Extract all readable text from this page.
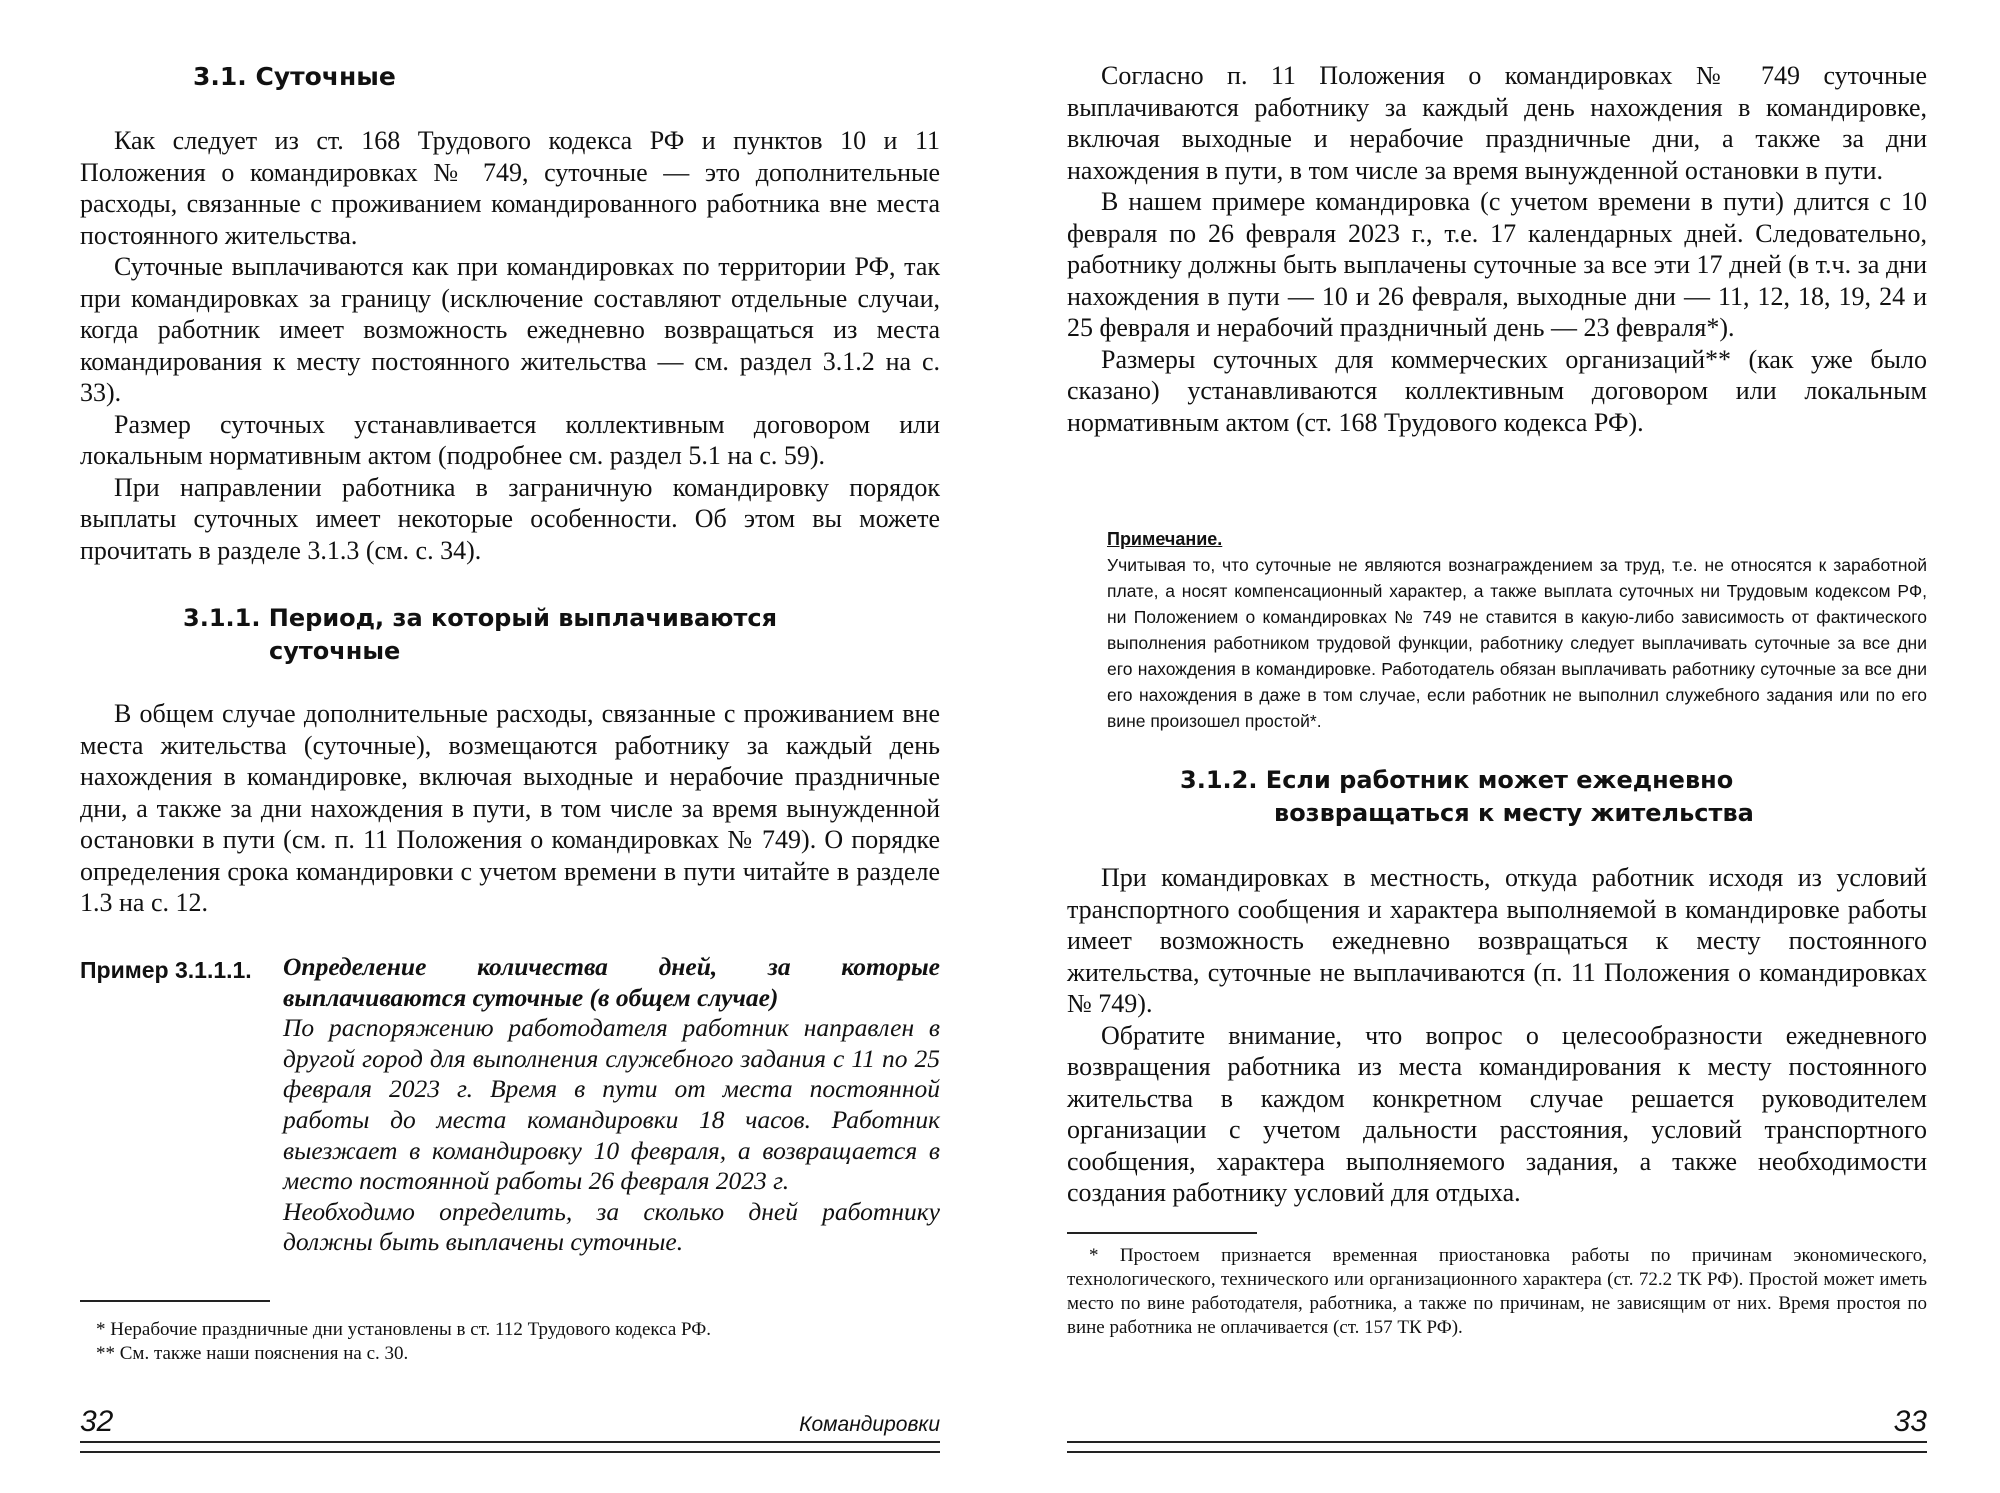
3.1. Суточные

Как следует из ст. 168 Трудового кодекса РФ и пунктов 10 и 11 Положения о командировках № 749, суточные — это дополнительные расходы, связанные с проживанием командированного работника вне места постоянного жительства.

Суточные выплачиваются как при командировках по территории РФ, так при командировках за границу (исключение составляют отдельные случаи, когда работник имеет возможность ежедневно возвращаться из места командирования к месту постоянного жительства — см. раздел 3.1.2 на с. 33).

Размер суточных устанавливается коллективным договором или локальным нормативным актом (подробнее см. раздел 5.1 на с. 59).

При направлении работника в заграничную командировку порядок выплаты суточных имеет некоторые особенности. Об этом вы можете прочитать в разделе 3.1.3 (см. с. 34).

3.1.1. Период, за который выплачиваются
суточные

В общем случае дополнительные расходы, связанные с проживанием вне места жительства (суточные), возмещаются работнику за каждый день нахождения в командировке, включая выходные и нерабочие праздничные дни, а также за дни нахождения в пути, в том числе за время вынужденной остановки в пути (см. п. 11 Положения о командировках № 749). О порядке определения срока командировки с учетом времени в пути читайте в разделе 1.3 на с. 12.

Пример 3.1.1.1. Определение количества дней, за которые выплачиваются суточные (в общем случае)

По распоряжению работодателя работник направлен в другой город для выполнения служебного задания с 11 по 25 февраля 2023 г. Время в пути от места постоянной работы до места командировки 18 часов. Работник выезжает в командировку 10 февраля, а возвращается в место постоянной работы 26 февраля 2023 г.

Необходимо определить, за сколько дней работнику должны быть выплачены суточные.

* Нерабочие праздничные дни установлены в ст. 112 Трудового кодекса РФ.

** См. также наши пояснения на с. 30.

32	Командировки

Согласно п. 11 Положения о командировках № 749 суточные выплачиваются работнику за каждый день нахождения в командировке, включая выходные и нерабочие праздничные дни, а также за дни нахождения в пути, в том числе за время вынужденной остановки в пути.

В нашем примере командировка (с учетом времени в пути) длится с 10 февраля по 26 февраля 2023 г., т.е. 17 календарных дней. Следовательно, работнику должны быть выплачены суточные за все эти 17 дней (в т.ч. за дни нахождения в пути — 10 и 26 февраля, выходные дни — 11, 12, 18, 19, 24 и 25 февраля и нерабочий праздничный день — 23 февраля*).

Размеры суточных для коммерческих организаций** (как уже было сказано) устанавливаются коллективным договором или локальным нормативным актом (ст. 168 Трудового кодекса РФ).

Примечание.

Учитывая то, что суточные не являются вознаграждением за труд, т.е. не относятся к заработной плате, а носят компенсационный характер, а также выплата суточных ни Трудовым кодексом РФ, ни Положением о командировках № 749 не ставится в какую-либо зависимость от фактического выполнения работником трудовой функции, работнику следует выплачивать суточные за все дни его нахождения в командировке. Работодатель обязан выплачивать работнику суточные за все дни его нахождения в даже в том случае, если работник не выполнил служебного задания или по его вине произошел простой*.

3.1.2. Если работник может ежедневно
возвращаться к месту жительства

При командировках в местность, откуда работник исходя из условий транспортного сообщения и характера выполняемой в командировке работы имеет возможность ежедневно возвращаться к месту постоянного жительства, суточные не выплачиваются (п. 11 Положения о командировках № 749).

Обратите внимание, что вопрос о целесообразности ежедневного возвращения работника из места командирования к месту постоянного жительства в каждом конкретном случае решается руководителем организации с учетом дальности расстояния, условий транспортного сообщения, характера выполняемого задания, а также необходимости создания работнику условий для отдыха.

* Простоем признается временная приостановка работы по причинам экономического, технологического, технического или организационного характера (ст. 72.2 ТК РФ). Простой может иметь место по вине работодателя, работника, а также по причинам, не зависящим от них. Время простоя по вине работника не оплачивается (ст. 157 ТК РФ).

33
